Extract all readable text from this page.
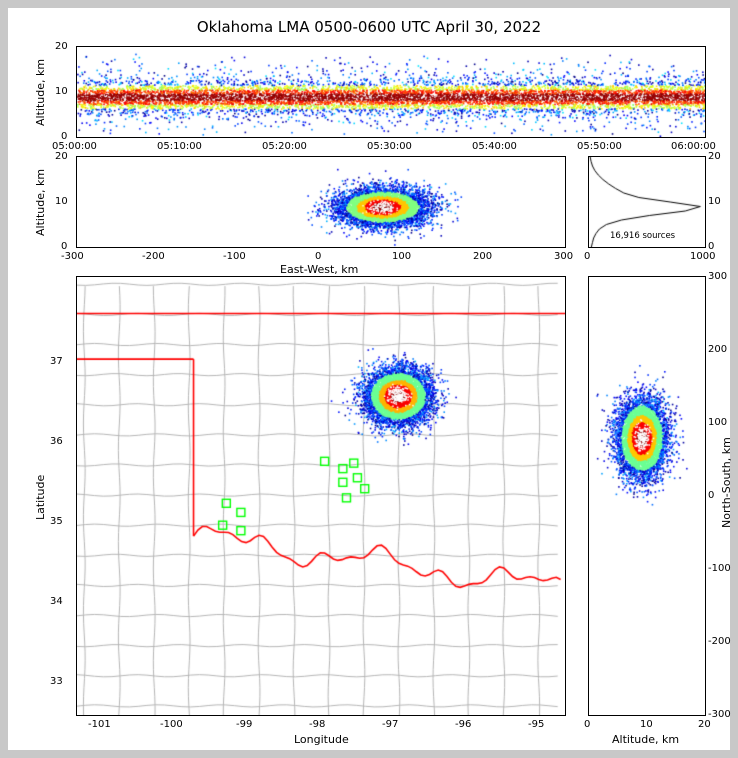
Oklahoma LMA 0500-0600 UTC April 30, 2022
Altitude, km
20
10
0
05:00:00	05:10:00	05:20:00	05:30:00	05:40:00	05:50:00	06:00:00
Altitude, km
20
10
0
-300	-200	-100	0	100	200	300
East-West, km
20
10
0
0	1000
16,916 sources
Latitude
37
36
35
34
33
-101	-100	-99	-98	-97	-96	-95
Longitude
300
200
100
0
-100
-200
-300
0	10	20
North-South, km
Altitude, km
